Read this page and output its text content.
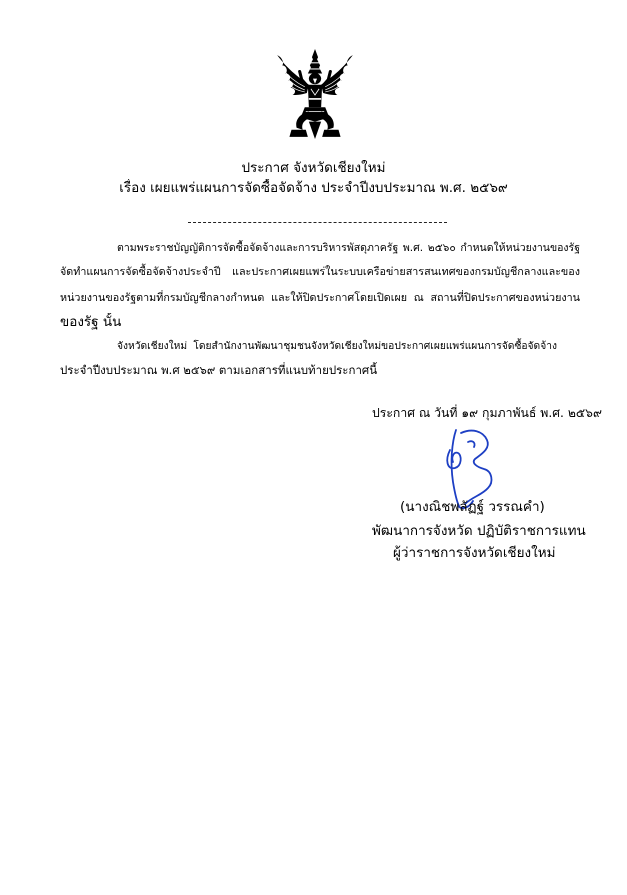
ประกาศ จังหวัดเชียงใหม่
เรื่อง เผยแพร่แผนการจัดซื้อจัดจ้าง ประจำปีงบประมาณ พ.ศ. ๒๕๖๙
ตามพระราชบัญญัติการจัดซื้อจัดจ้างและการบริหารพัสดุภาครัฐ พ.ศ. ๒๕๖๐ กำหนดให้หน่วยงานของรัฐ
จัดทำแผนการจัดซื้อจัดจ้างประจำปี และประกาศเผยแพร่ในระบบเครือข่ายสารสนเทศของกรมบัญชีกลางและของ
หน่วยงานของรัฐตามที่กรมบัญชีกลางกำหนด และให้ปิดประกาศโดยเปิดเผย ณ สถานที่ปิดประกาศของหน่วยงาน
ของรัฐ นั้น
จังหวัดเชียงใหม่ โดยสำนักงานพัฒนาชุมชนจังหวัดเชียงใหม่ขอประกาศเผยแพร่แผนการจัดซื้อจัดจ้าง
ประจำปีงบประมาณ พ.ศ ๒๕๖๙ ตามเอกสารที่แนบท้ายประกาศนี้
ประกาศ ณ วันที่ ๑๙ กุมภาพันธ์ พ.ศ. ๒๕๖๙
(นางณิชพลัฏฐ์ วรรณคำ)
พัฒนาการจังหวัด ปฏิบัติราชการแทน
ผู้ว่าราชการจังหวัดเชียงใหม่
